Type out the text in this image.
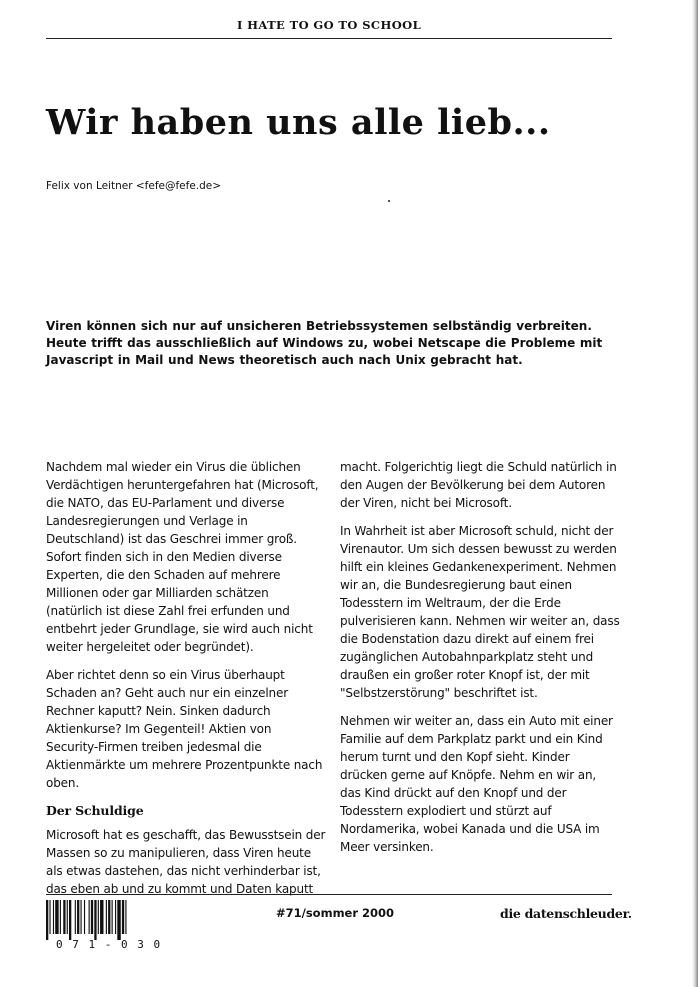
I HATE TO GO TO SCHOOL
Wir haben uns alle lieb...
Felix von Leitner <fefe@fefe.de>

Viren können sich nur auf unsicheren Betriebssystemen selbständig verbreiten. Heute trifft das ausschließlich auf Windows zu, wobei Netscape die Probleme mit Javascript in Mail und News theoretisch auch nach Unix gebracht hat.

Nachdem mal wieder ein Virus die üblichen Verdächtigen heruntergefahren hat (Microsoft, die NATO, das EU-Parlament und diverse Landesregierungen und Verlage in Deutschland) ist das Geschrei immer groß. Sofort finden sich in den Medien diverse Experten, die den Schaden auf mehrere Millionen oder gar Milliarden schätzen (natürlich ist diese Zahl frei erfunden und entbehrt jeder Grundlage, sie wird auch nicht weiter hergeleitet oder begründet).

Aber richtet denn so ein Virus überhaupt Schaden an? Geht auch nur ein einzelner Rechner kaputt? Nein. Sinken dadurch Aktienkurse? Im Gegenteil! Aktien von Security-Firmen treiben jedesmal die Aktienmärkte um mehrere Prozentpunkte nach oben.

Der Schuldige

Microsoft hat es geschafft, das Bewusstsein der Massen so zu manipulieren, dass Viren heute als etwas dastehen, das nicht verhinderbar ist, das eben ab und zu kommt und Daten kaputt

macht. Folgerichtig liegt die Schuld natürlich in den Augen der Bevölkerung bei dem Autoren der Viren, nicht bei Microsoft.

In Wahrheit ist aber Microsoft schuld, nicht der Virenautor. Um sich dessen bewusst zu werden hilft ein kleines Gedankenexperiment. Nehmen wir an, die Bundesregierung baut einen Todesstern im Weltraum, der die Erde pulverisieren kann. Nehmen wir weiter an, dass die Bodenstation dazu direkt auf einem frei zugänglichen Autobahnparkplatz steht und draußen ein großer roter Knopf ist, der mit "Selbstzerstörung" beschriftet ist.

Nehmen wir weiter an, dass ein Auto mit einer Familie auf dem Parkplatz parkt und ein Kind herum turnt und den Kopf sieht. Kinder drücken gerne auf Knöpfe. Nehm en wir an, das Kind drückt auf den Knopf und der Todesstern explodiert und stürzt auf Nordamerika, wobei Kanada und die USA im Meer versinken.

0 7 1 - 0 3 0
#71/sommer 2000	die datenschleuder.
